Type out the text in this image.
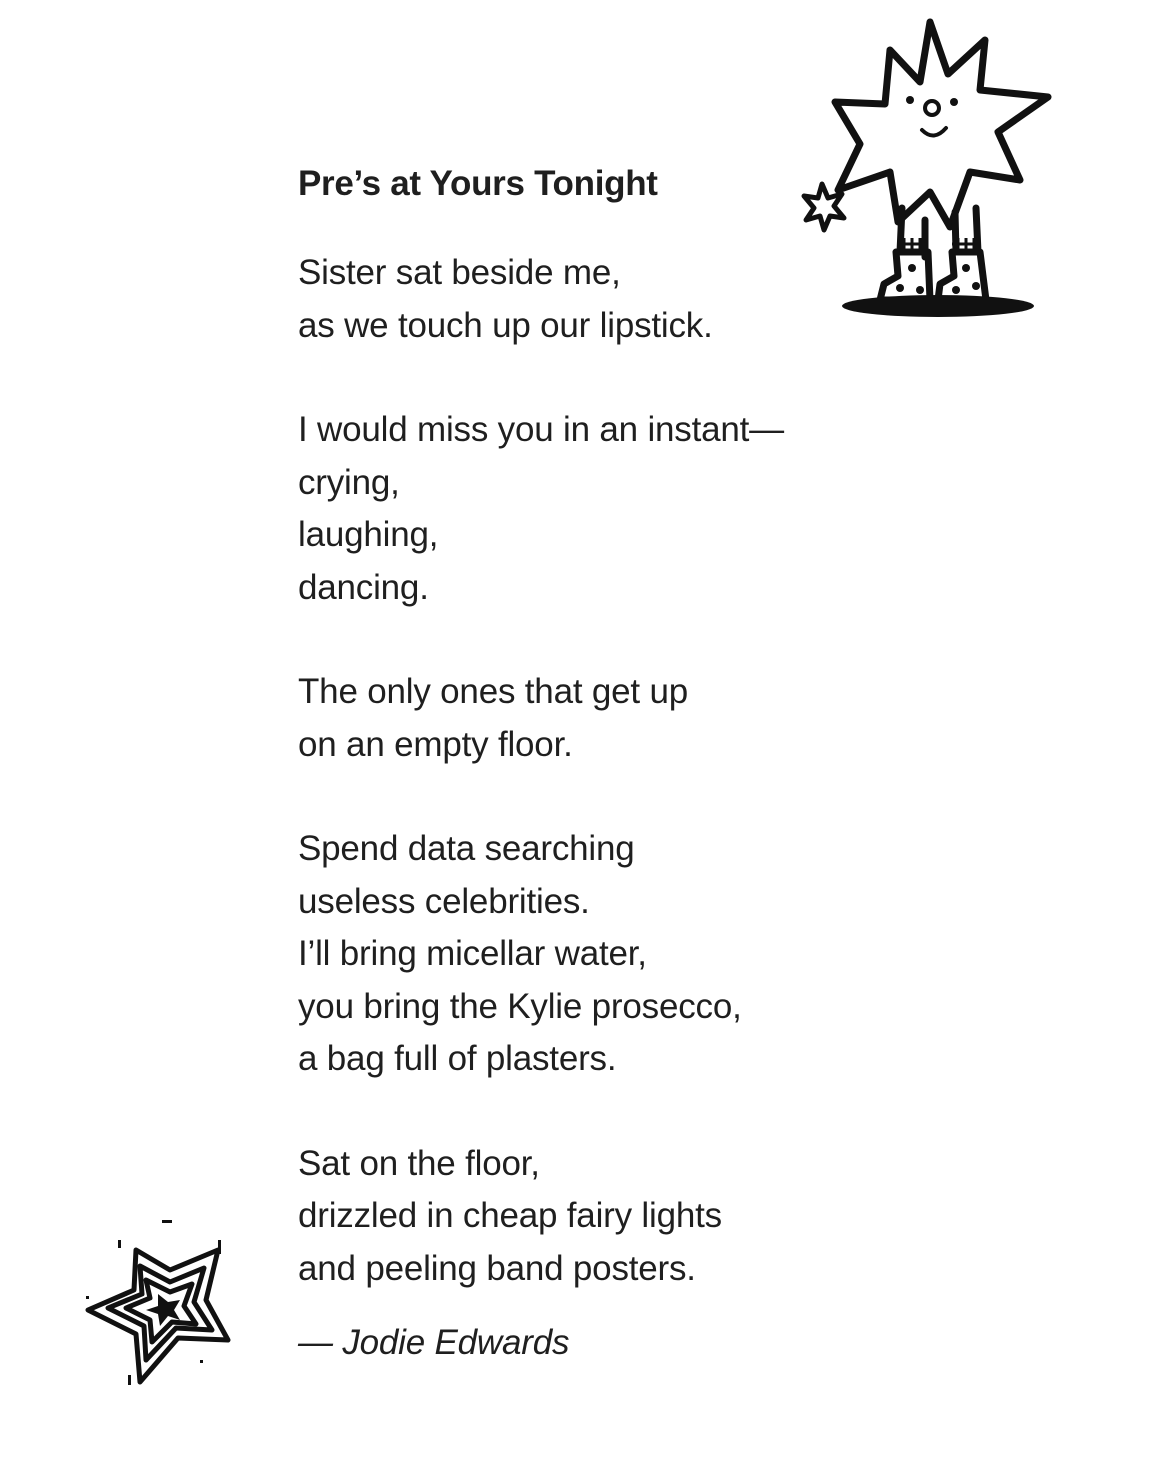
Pre’s at Yours Tonight
Sister sat beside me,
as we touch up our lipstick.
I would miss you in an instant—
crying,
laughing,
dancing.
The only ones that get up
on an empty floor.
Spend data searching
useless celebrities.
I’ll bring micellar water,
you bring the Kylie prosecco,
a bag full of plasters.
Sat on the floor,
drizzled in cheap fairy lights
and peeling band posters.
— Jodie Edwards
